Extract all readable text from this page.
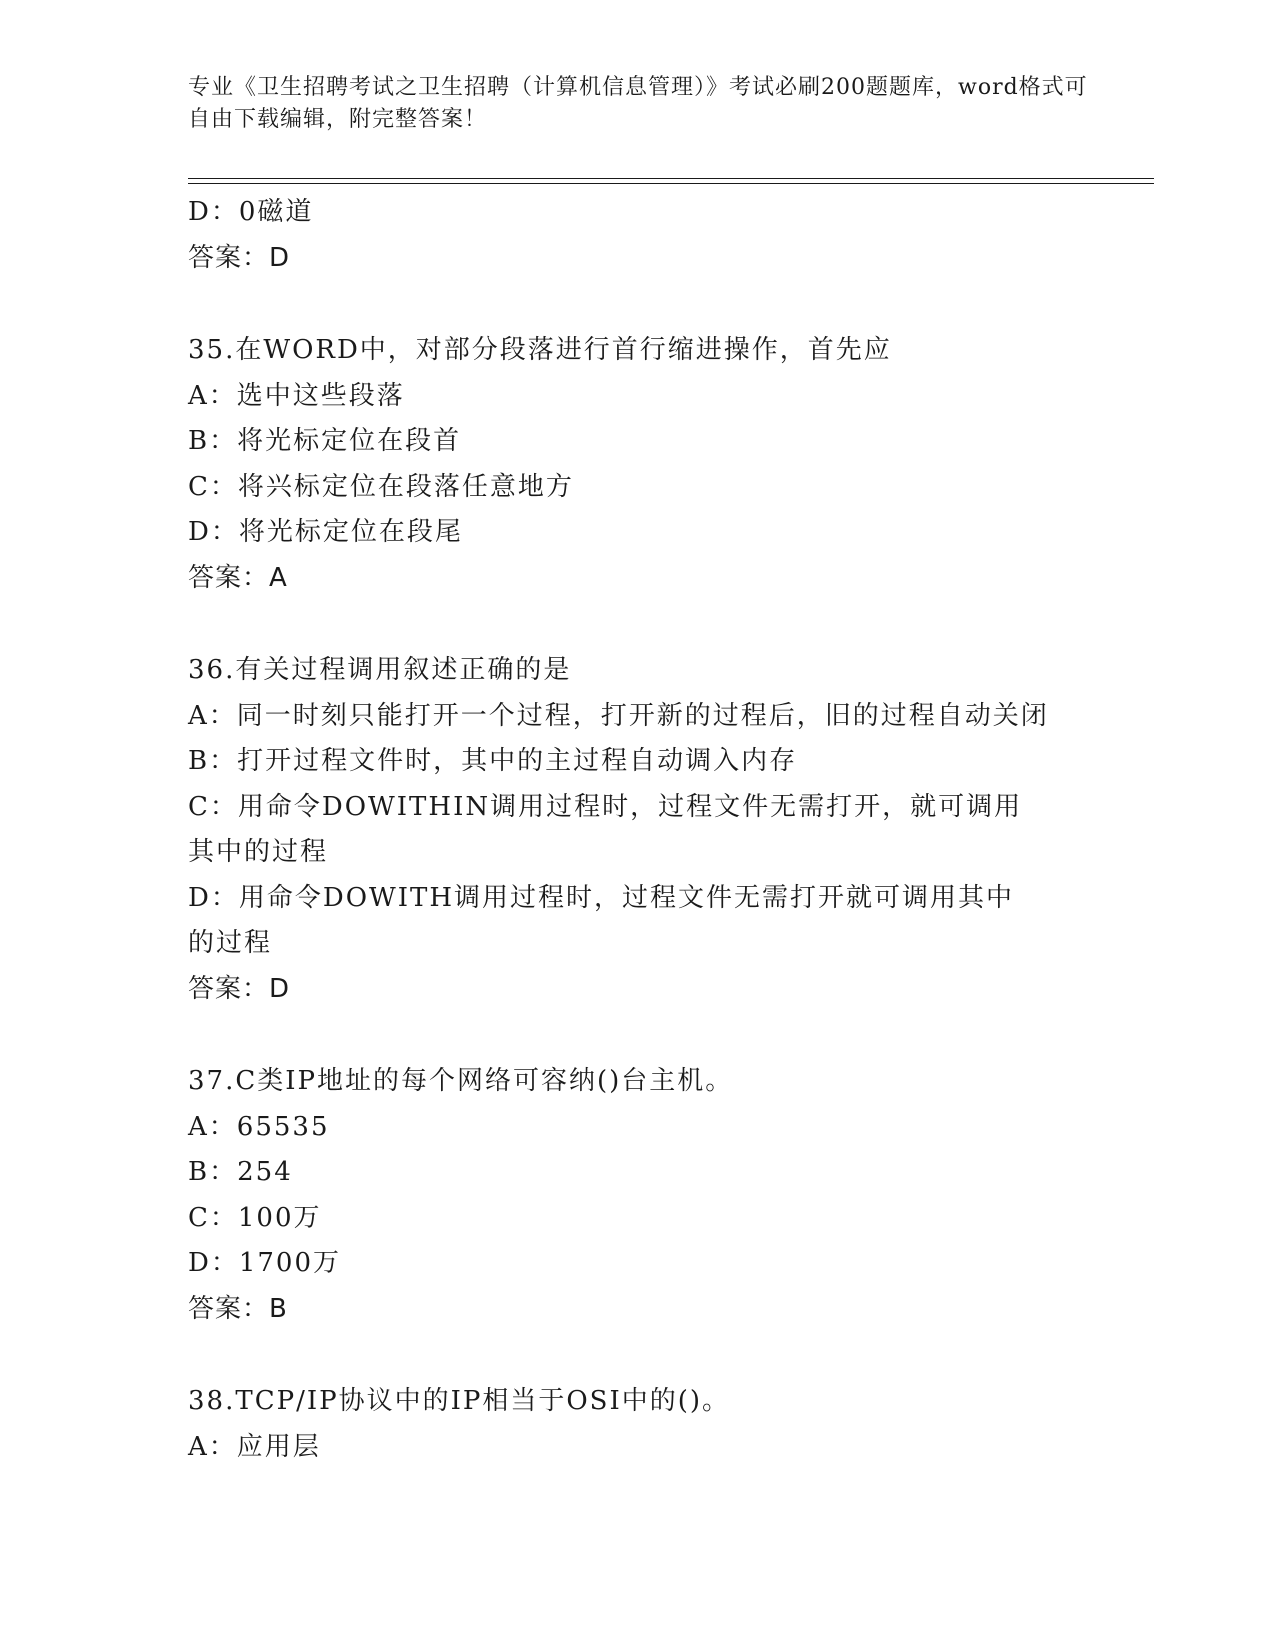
专业《卫生招聘考试之卫生招聘（计算机信息管理）》考试必刷200题题库，word格式可自由下载编辑，附完整答案！
D：0磁道
答案：D
35.在WORD中，对部分段落进行首行缩进操作，首先应
A：选中这些段落
B：将光标定位在段首
C：将兴标定位在段落任意地方
D：将光标定位在段尾
答案：A
36.有关过程调用叙述正确的是
A：同一时刻只能打开一个过程，打开新的过程后，旧的过程自动关闭
B：打开过程文件时，其中的主过程自动调入内存
C：用命令DOWITHIN调用过程时，过程文件无需打开，就可调用其中的过程
D：用命令DOWITH调用过程时，过程文件无需打开就可调用其中的过程
答案：D
37.C类IP地址的每个网络可容纳()台主机。
A：65535
B：254
C：100万
D：1700万
答案：B
38.TCP/IP协议中的IP相当于OSI中的()。
A：应用层
